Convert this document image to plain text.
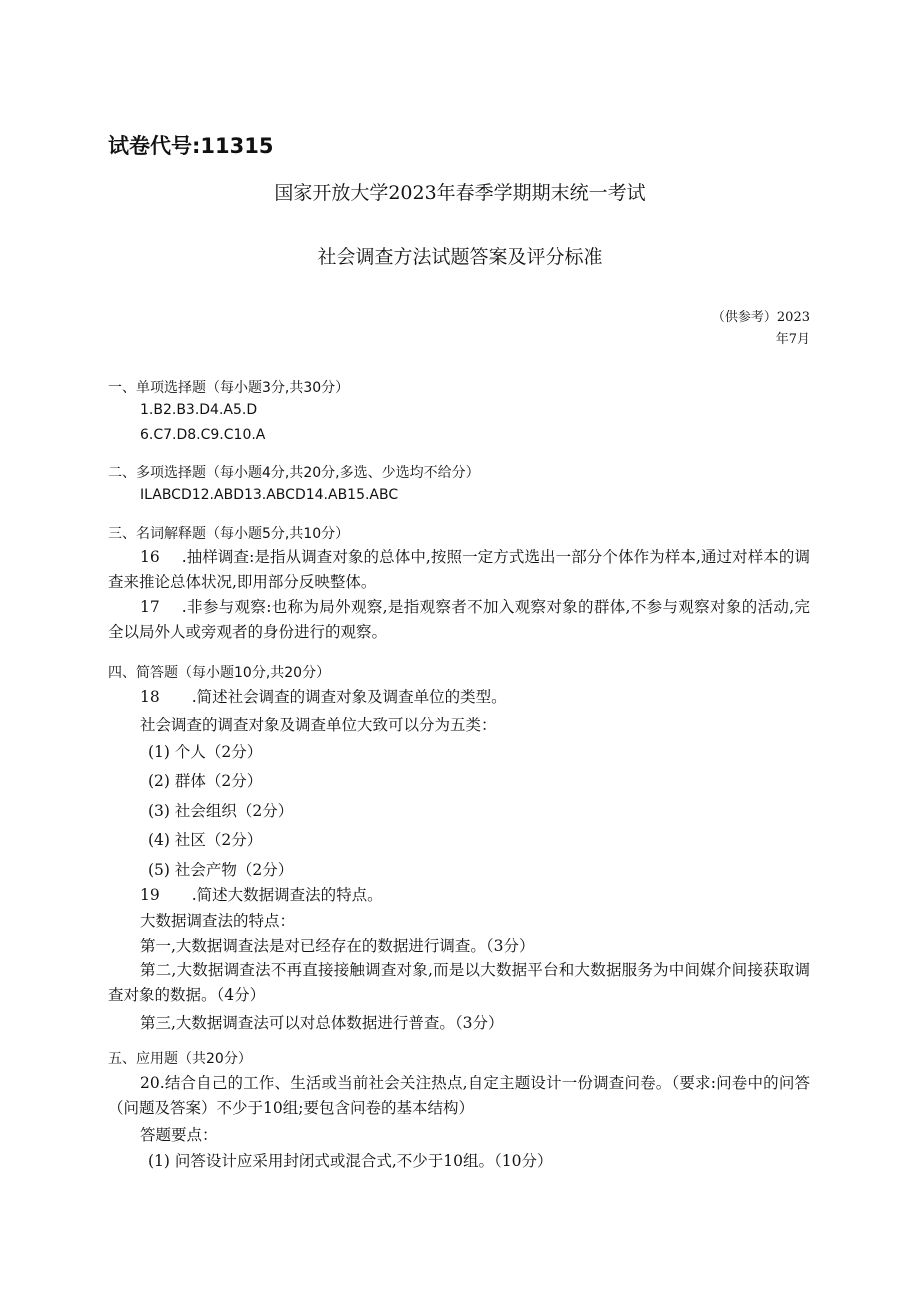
试卷代号:11315
国家开放大学2023年春季学期期末统一考试
社会调查方法试题答案及评分标准
（供参考）2023
年7月
一、单项选择题（每小题3分,共30分）
1.B2.B3.D4.A5.D
6.C7.D8.C9.C10.A
二、多项选择题（每小题4分,共20分,多选、少选均不给分）
ILABCD12.ABD13.ABCD14.AB15.ABC
三、名词解释题（每小题5分,共10分）
16 .抽样调查:是指从调查对象的总体中,按照一定方式选出一部分个体作为样本,通过对样本的调查来推论总体状况,即用部分反映整体。
17 .非参与观察:也称为局外观察,是指观察者不加入观察对象的群体,不参与观察对象的活动,完全以局外人或旁观者的身份进行的观察。
四、简答题（每小题10分,共20分）
18 .简述社会调查的调查对象及调查单位的类型。
社会调查的调查对象及调查单位大致可以分为五类：
(1) 个人（2分）
(2) 群体（2分）
(3) 社会组织（2分）
(4) 社区（2分）
(5) 社会产物（2分）
19 .简述大数据调查法的特点。
大数据调查法的特点：
第一,大数据调查法是对已经存在的数据进行调查。（3分）
第二,大数据调查法不再直接接触调查对象,而是以大数据平台和大数据服务为中间媒介间接获取调查对象的数据。（4分）
第三,大数据调查法可以对总体数据进行普查。（3分）
五、应用题（共20分）
20.结合自己的工作、生活或当前社会关注热点,自定主题设计一份调查问卷。（要求:问卷中的问答（问题及答案）不少于10组;要包含问卷的基本结构）
答题要点：
(1) 问答设计应采用封闭式或混合式,不少于10组。（10分）
